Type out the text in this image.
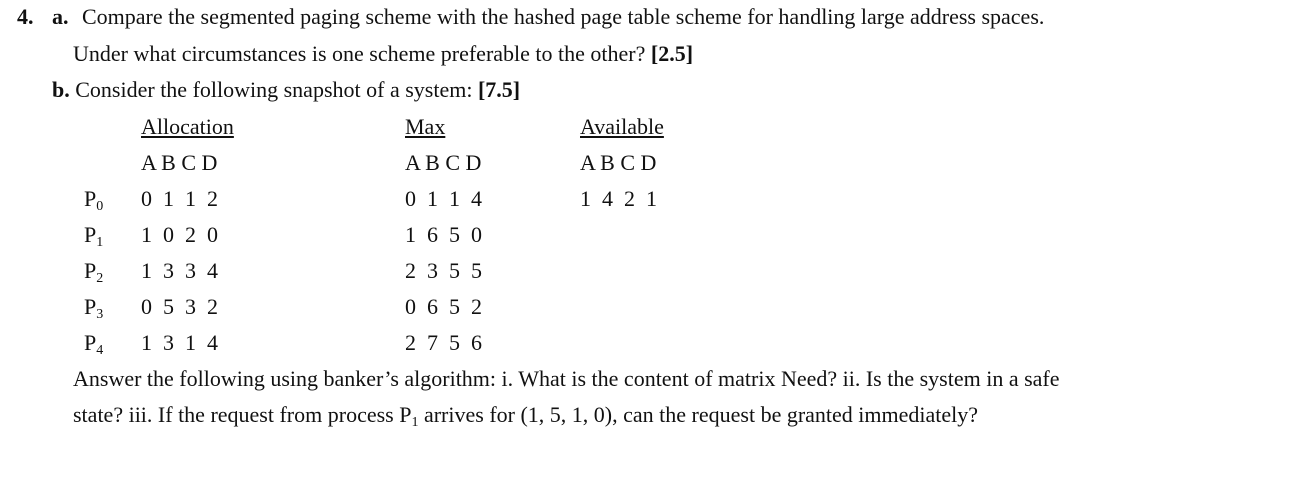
4. a. Compare the segmented paging scheme with the hashed page table scheme for handling large address spaces.
Under what circumstances is one scheme preferable to the other? [2.5]
b. Consider the following snapshot of a system: [7.5]
Allocation	Max	Available
A B C D	A B C D	A B C D
$P_0$ 0  1  1  2	0  1  1  4	1  4  2  1
$P_1$ 1  0  2  0	1  6  5  0
$P_2$ 1  3  3  4	2  3  5  5
$P_3$ 0  5  3  2	0  6  5  2
$P_4$ 1  3  1  4	2  7  5  6
Answer the following using banker’s algorithm: i. What is the content of matrix Need? ii. Is the system in a safe
state? iii. If the request from process $P_1$ arrives for (1, 5, 1, 0), can the request be granted immediately?
